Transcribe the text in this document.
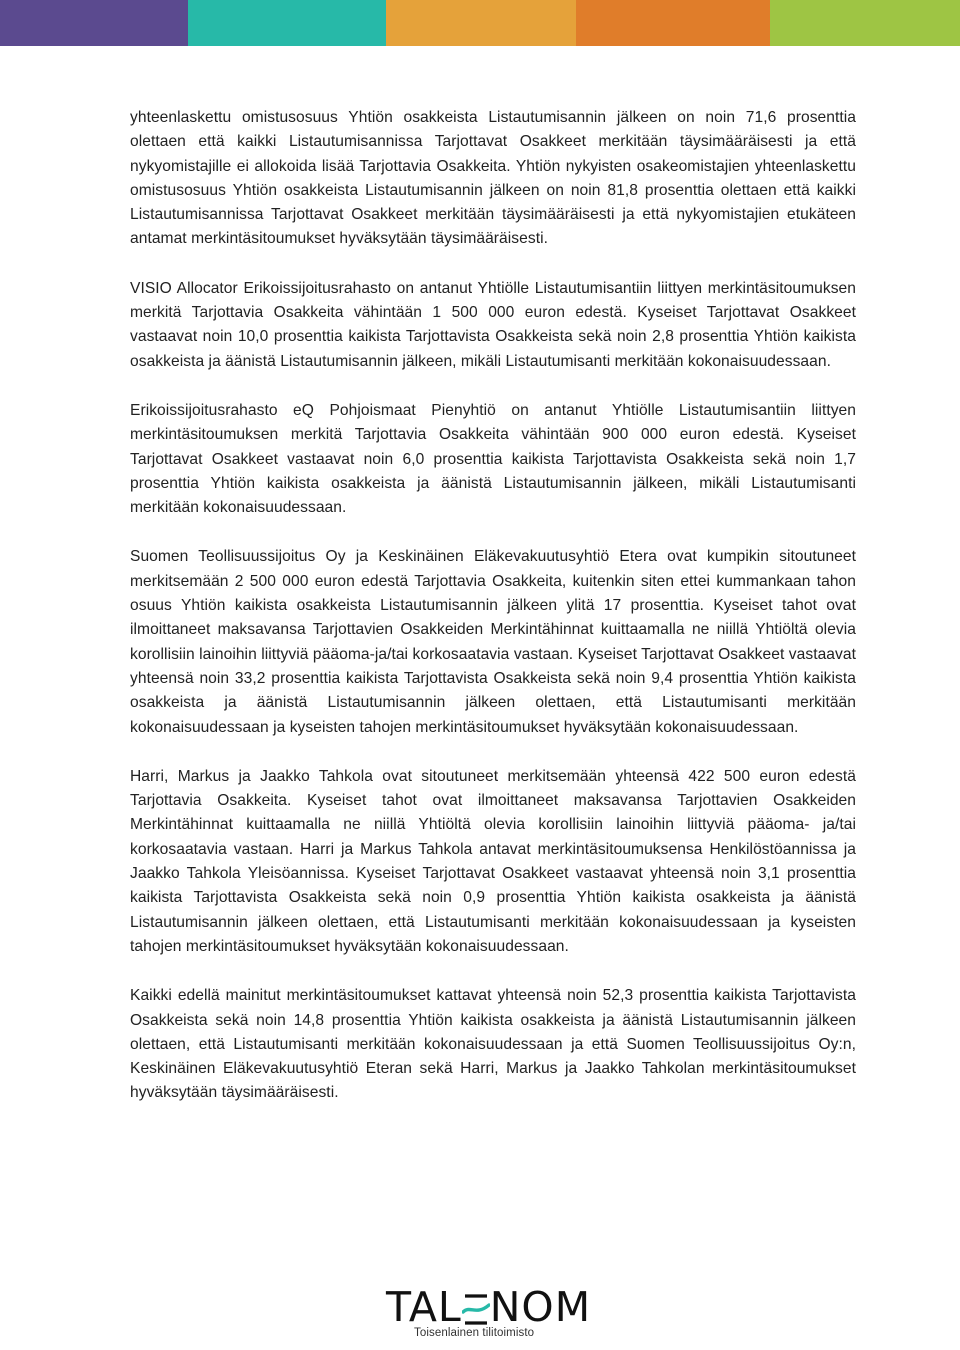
yhteenlaskettu omistusosuus Yhtiön osakkeista Listautumisannin jälkeen on noin 71,6 prosenttia olettaen että kaikki Listautumisannissa Tarjottavat Osakkeet merkitään täysimääräisesti ja että nykyomistajille ei allokoida lisää Tarjottavia Osakkeita. Yhtiön nykyisten osakeomistajien yhteenlaskettu omistusosuus Yhtiön osakkeista Listautumisannin jälkeen on noin 81,8 prosenttia olettaen että kaikki Listautumisannissa Tarjottavat Osakkeet merkitään täysimääräisesti ja että nykyomistajien etukäteen antamat merkintäsitoumukset hyväksytään täysimääräisesti.

VISIO Allocator Erikoissijoitusrahasto on antanut Yhtiölle Listautumisantiin liittyen merkintäsitoumuksen merkitä Tarjottavia Osakkeita vähintään 1 500 000 euron edestä. Kyseiset Tarjottavat Osakkeet vastaavat noin 10,0 prosenttia kaikista Tarjottavista Osakkeista sekä noin 2,8 prosenttia Yhtiön kaikista osakkeista ja äänistä Listautumisannin jälkeen, mikäli Listautumisanti merkitään kokonaisuudessaan.

Erikoissijoitusrahasto eQ Pohjoismaat Pienyhtiö on antanut Yhtiölle Listautumisantiin liittyen merkintäsitoumuksen merkitä Tarjottavia Osakkeita vähintään 900 000 euron edestä. Kyseiset Tarjottavat Osakkeet vastaavat noin 6,0 prosenttia kaikista Tarjottavista Osakkeista sekä noin 1,7 prosenttia Yhtiön kaikista osakkeista ja äänistä Listautumisannin jälkeen, mikäli Listautumisanti merkitään kokonaisuudessaan.

Suomen Teollisuussijoitus Oy ja Keskinäinen Eläkevakuutusyhtiö Etera ovat kumpikin sitoutuneet merkitsemään 2 500 000 euron edestä Tarjottavia Osakkeita, kuitenkin siten ettei kummankaan tahon osuus Yhtiön kaikista osakkeista Listautumisannin jälkeen ylitä 17 prosenttia. Kyseiset tahot ovat ilmoittaneet maksavansa Tarjottavien Osakkeiden Merkintähinnat kuittaamalla ne niillä Yhtiöltä olevia korollisiin lainoihin liittyviä pääoma-ja/tai korkosaatavia vastaan. Kyseiset Tarjottavat Osakkeet vastaavat yhteensä noin 33,2 prosenttia kaikista Tarjottavista Osakkeista sekä noin 9,4 prosenttia Yhtiön kaikista osakkeista ja äänistä Listautumisannin jälkeen olettaen, että Listautumisanti merkitään kokonaisuudessaan ja kyseisten tahojen merkintäsitoumukset hyväksytään kokonaisuudessaan.

Harri, Markus ja Jaakko Tahkola ovat sitoutuneet merkitsemään yhteensä 422 500 euron edestä Tarjottavia Osakkeita. Kyseiset tahot ovat ilmoittaneet maksavansa Tarjottavien Osakkeiden Merkintähinnat kuittaamalla ne niillä Yhtiöltä olevia korollisiin lainoihin liittyviä pääoma- ja/tai korkosaatavia vastaan. Harri ja Markus Tahkola antavat merkintäsitoumuksensa Henkilöstöannissa ja Jaakko Tahkola Yleisöannissa. Kyseiset Tarjottavat Osakkeet vastaavat yhteensä noin 3,1 prosenttia kaikista Tarjottavista Osakkeista sekä noin 0,9 prosenttia Yhtiön kaikista osakkeista ja äänistä Listautumisannin jälkeen olettaen, että Listautumisanti merkitään kokonaisuudessaan ja kyseisten tahojen merkintäsitoumukset hyväksytään kokonaisuudessaan.

Kaikki edellä mainitut merkintäsitoumukset kattavat yhteensä noin 52,3 prosenttia kaikista Tarjottavista Osakkeista sekä noin 14,8 prosenttia Yhtiön kaikista osakkeista ja äänistä Listautumisannin jälkeen olettaen, että Listautumisanti merkitään kokonaisuudessaan ja että Suomen Teollisuussijoitus Oy:n, Keskinäinen Eläkevakuutusyhtiö Eteran sekä Harri, Markus ja Jaakko Tahkolan merkintäsitoumukset hyväksytään täysimääräisesti.

TAL NOM
Toisenlainen tilitoimisto
